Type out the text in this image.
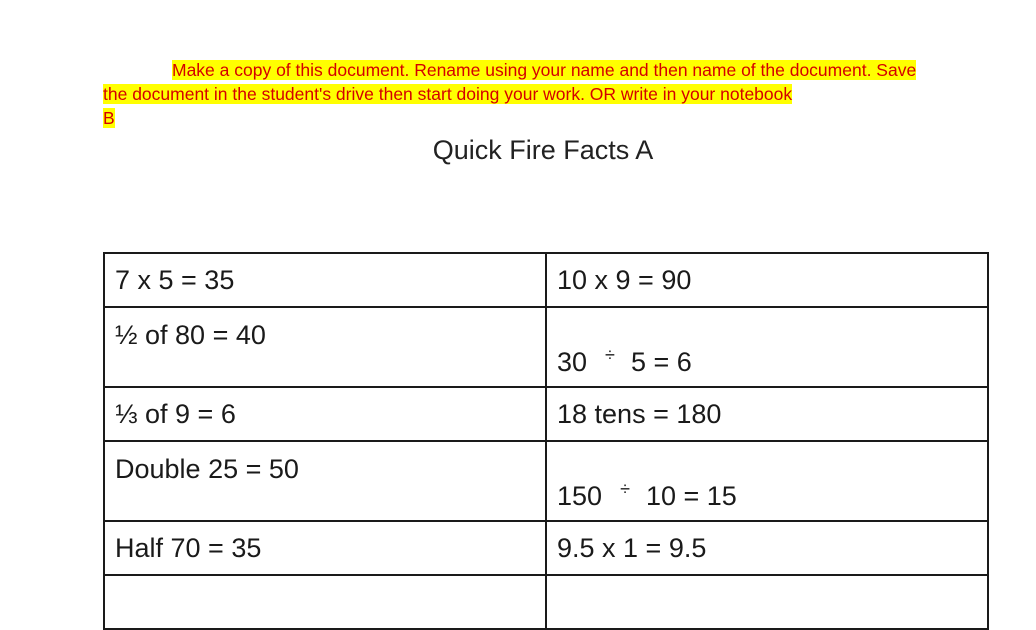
Make a copy of this document. Rename using your name and then name of the document. Save
the document in the student's drive then start doing your work. OR write in your notebook
B
Quick Fire Facts A
7 x 5 = 35	10 x 9 = 90
½ of 80 = 40	30 ÷ 5 = 6
⅓ of 9 = 6	18 tens = 180
Double 25 = 50	150 ÷ 10 = 15
Half 70 = 35	9.5 x 1 = 9.5
